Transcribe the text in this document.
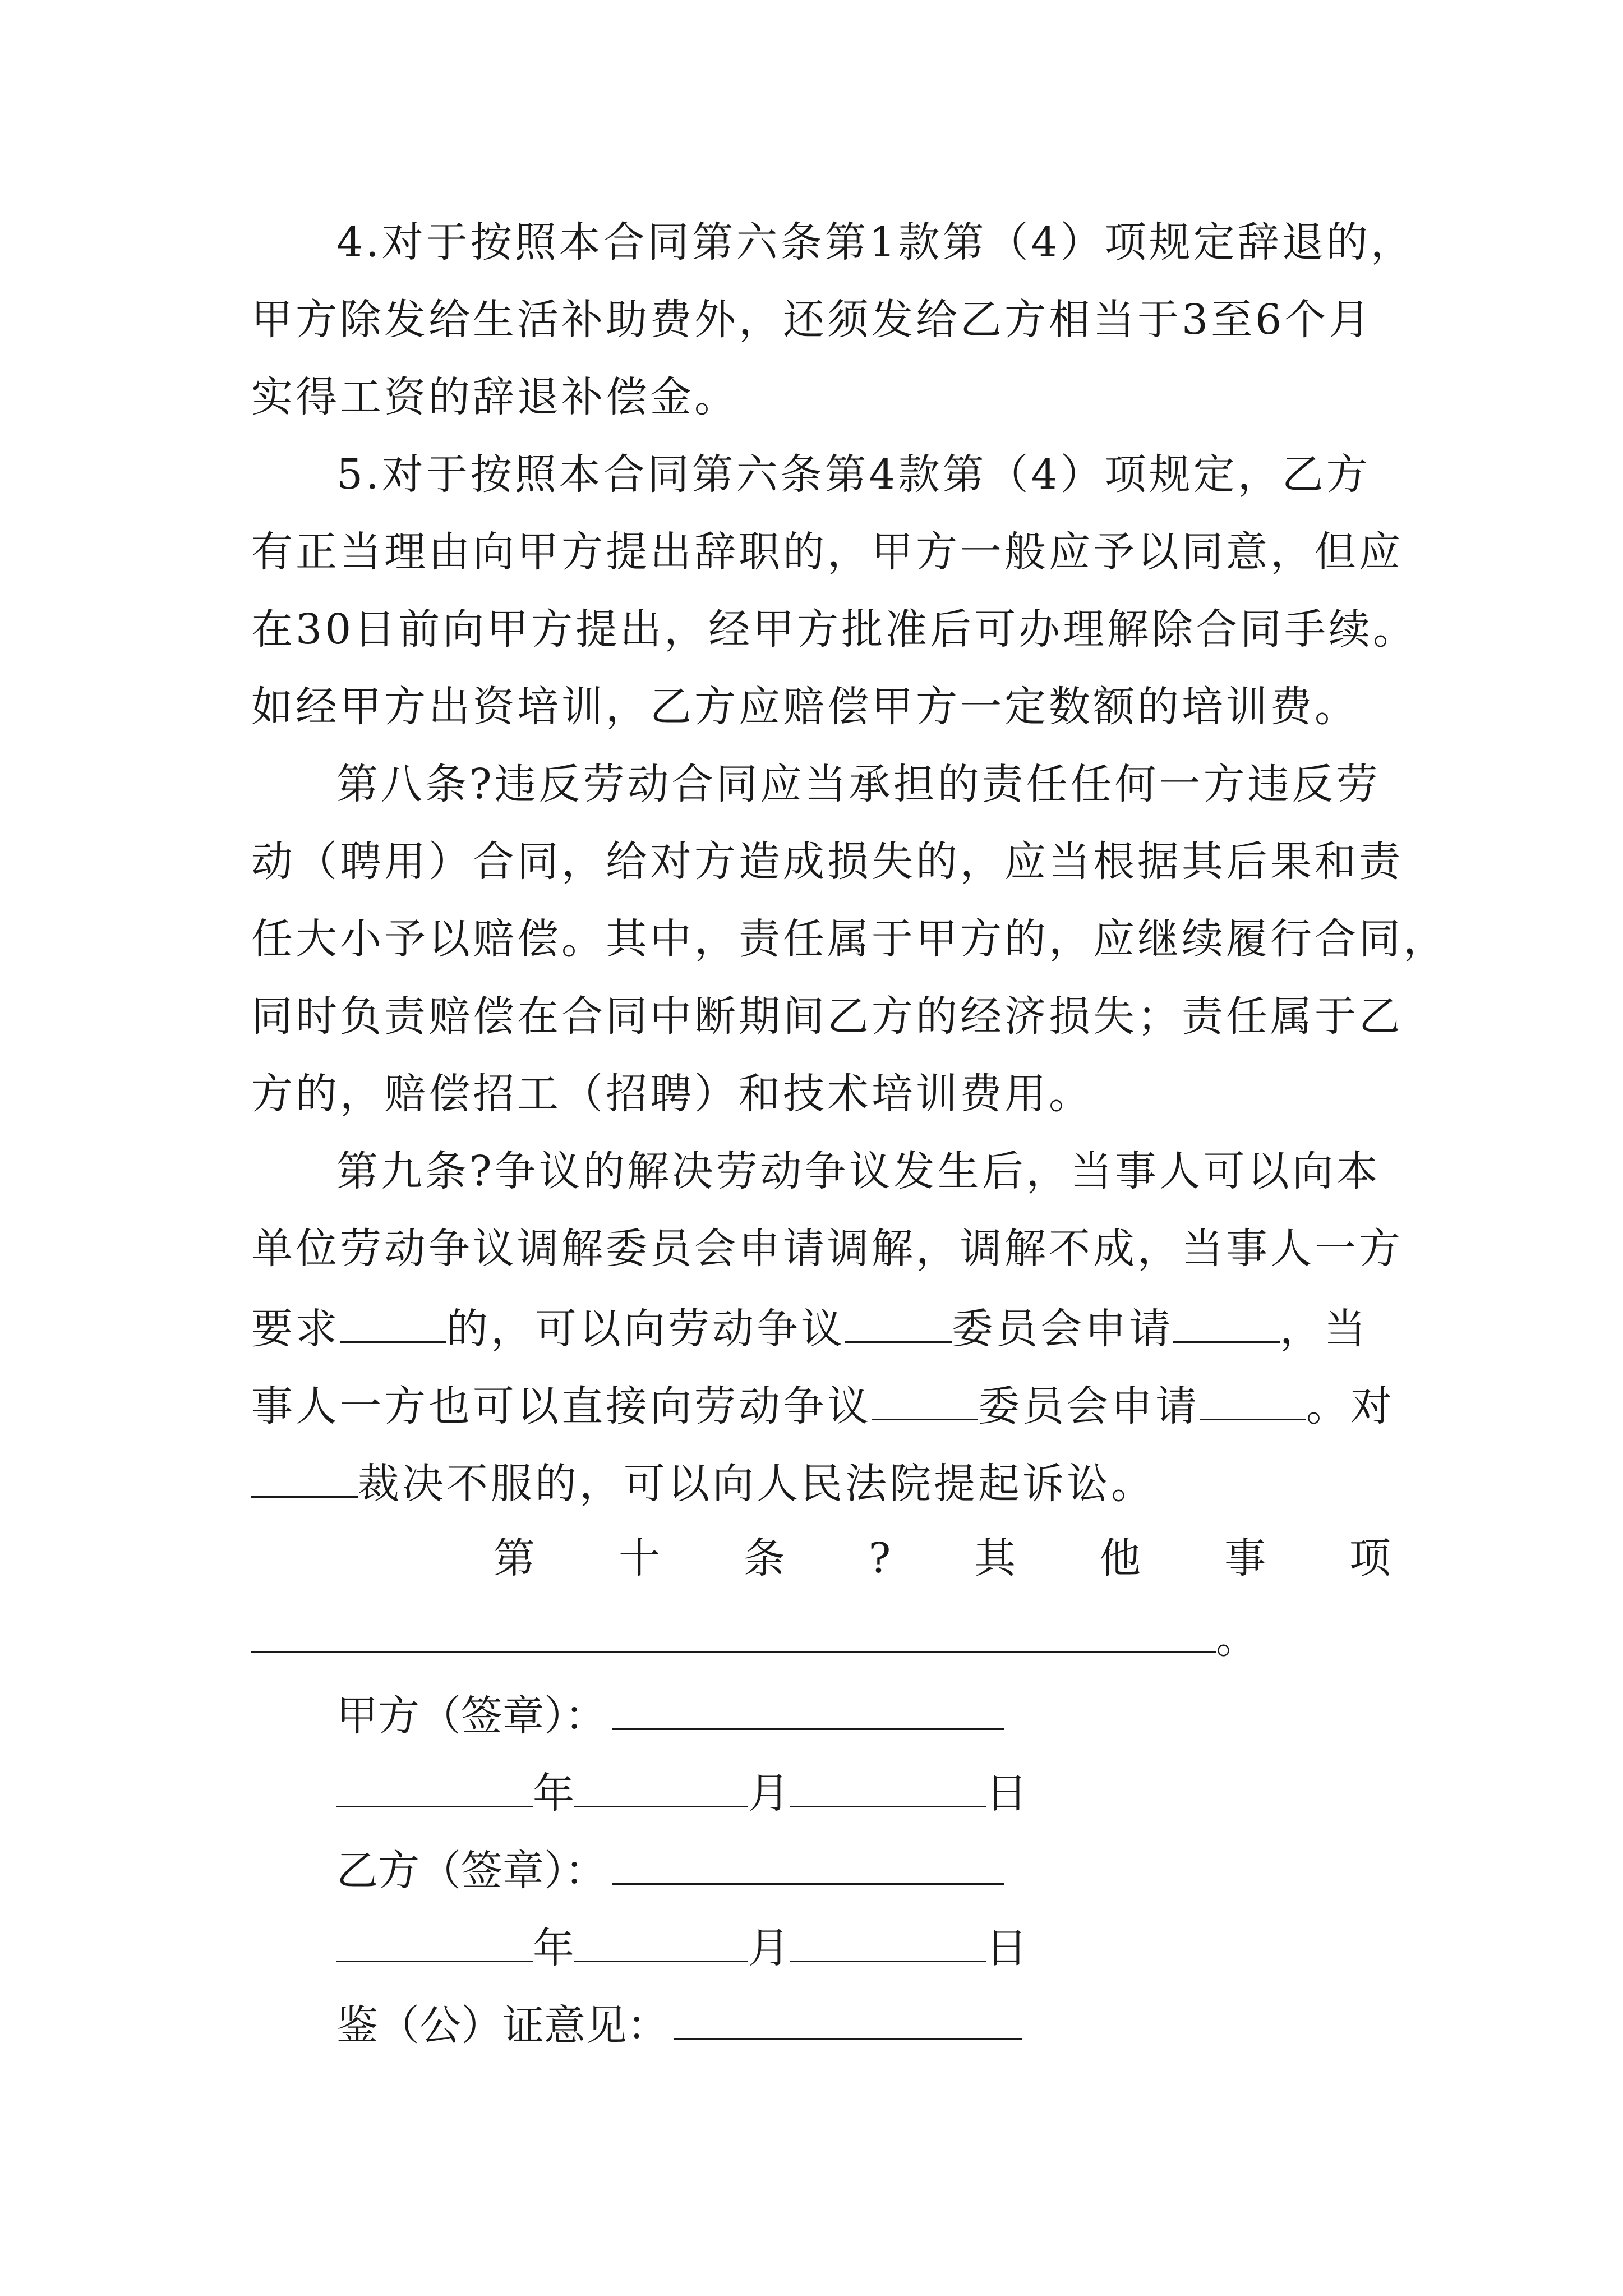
4.对于按照本合同第六条第1款第（4）项规定辞退的，
甲方除发给生活补助费外，还须发给乙方相当于3至6个月
实得工资的辞退补偿金。
5.对于按照本合同第六条第4款第（4）项规定，乙方
有正当理由向甲方提出辞职的，甲方一般应予以同意，但应
在30日前向甲方提出，经甲方批准后可办理解除合同手续。
如经甲方出资培训，乙方应赔偿甲方一定数额的培训费。
第八条?违反劳动合同应当承担的责任任何一方违反劳
动（聘用）合同，给对方造成损失的，应当根据其后果和责
任大小予以赔偿。其中，责任属于甲方的，应继续履行合同，
同时负责赔偿在合同中断期间乙方的经济损失；责任属于乙
方的，赔偿招工（招聘）和技术培训费用。
第九条?争议的解决劳动争议发生后，当事人可以向本
单位劳动争议调解委员会申请调解，调解不成，当事人一方
要求	的，可以向劳动争议	委员会申请	，当
事人一方也可以直接向劳动争议	委员会申请	。对
裁决不服的，可以向人民法院提起诉讼。
第 十 条 ? 其 他 事 项
。
甲方（签章）：
年	月	日
乙方（签章）：
年	月	日
鉴（公）证意见：
